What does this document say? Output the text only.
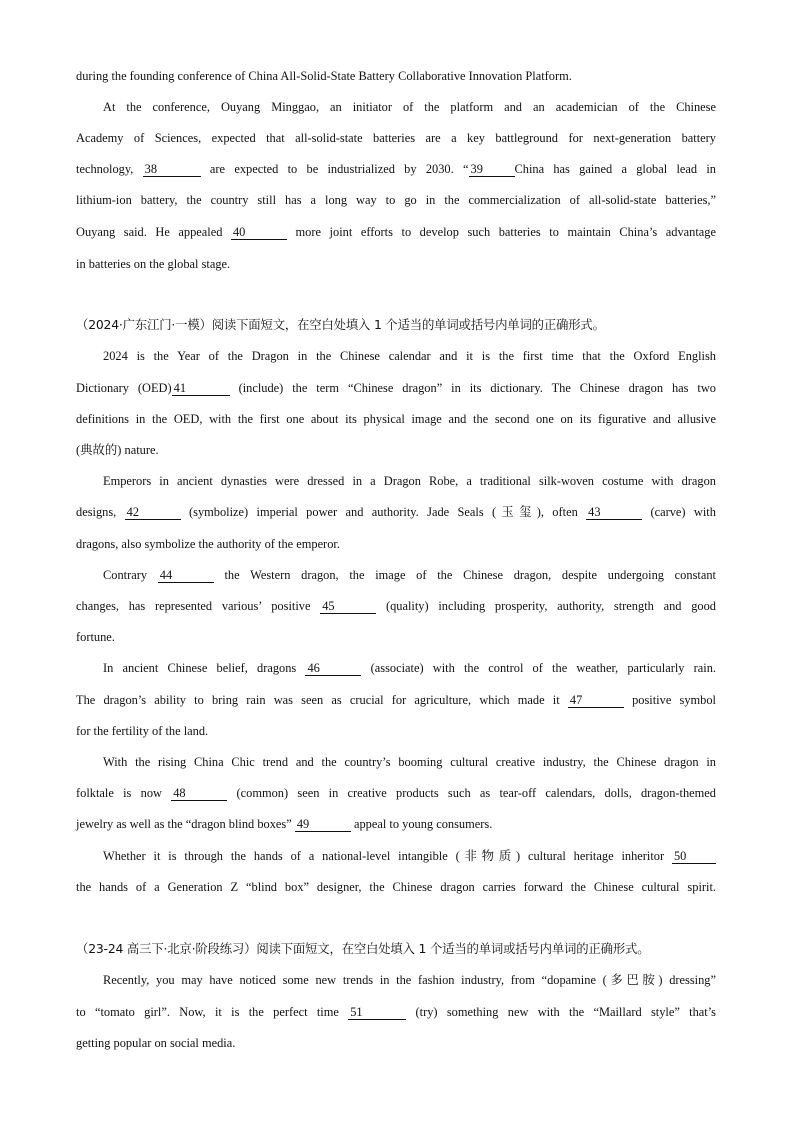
during the founding conference of China All-Solid-State Battery Collaborative Innovation Platform.
At the conference, Ouyang Minggao, an initiator of the platform and an academician of the Chinese
Academy of Sciences, expected that all-solid-state batteries are a key battleground for next-generation battery
technology, 38	are expected to be industrialized by 2030. “ 39	China has gained a global lead in
lithium-ion battery, the country still has a long way to go in the commercialization of all-solid-state batteries,”
Ouyang said. He appealed 40	more joint efforts to develop such batteries to maintain China’s advantage
in batteries on the global stage.
（2024·广东江门·一模）阅读下面短文，在空白处填入 1 个适当的单词或括号内单词的正确形式。
2024 is the Year of the Dragon in the Chinese calendar and it is the first time that the Oxford English
Dictionary (OED) 41	(include) the term “Chinese dragon” in its dictionary. The Chinese dragon has two
definitions in the OED, with the first one about its physical image and the second one on its figurative and allusive
(典故的) nature.
Emperors in ancient dynasties were dressed in a Dragon Robe, a traditional silk-woven costume with dragon
designs, 42	(symbolize) imperial power and authority. Jade Seals (玉玺), often 43	(carve) with
dragons, also symbolize the authority of the emperor.
Contrary 44	the Western dragon, the image of the Chinese dragon, despite undergoing constant
changes, has represented various’ positive 45	(quality) including prosperity, authority, strength and good
fortune.
In ancient Chinese belief, dragons 46	(associate) with the control of the weather, particularly rain.
The dragon’s ability to bring rain was seen as crucial for agriculture, which made it 47	positive symbol
for the fertility of the land.
With the rising China Chic trend and the country’s booming cultural creative industry, the Chinese dragon in
folktale is now 48	(common) seen in creative products such as tear-off calendars, dolls, dragon-themed
jewelry as well as the “dragon blind boxes” 49	appeal to young consumers.
Whether it is through the hands of a national-level intangible (非物质) cultural heritage inheritor 50
the hands of a Generation Z “blind box” designer, the Chinese dragon carries forward the Chinese cultural spirit.
（23-24 高三下·北京·阶段练习）阅读下面短文，在空白处填入 1 个适当的单词或括号内单词的正确形式。
Recently, you may have noticed some new trends in the fashion industry, from “dopamine (多巴胺) dressing”
to “tomato girl”. Now, it is the perfect time 51	(try) something new with the “Maillard style” that’s
getting popular on social media.
